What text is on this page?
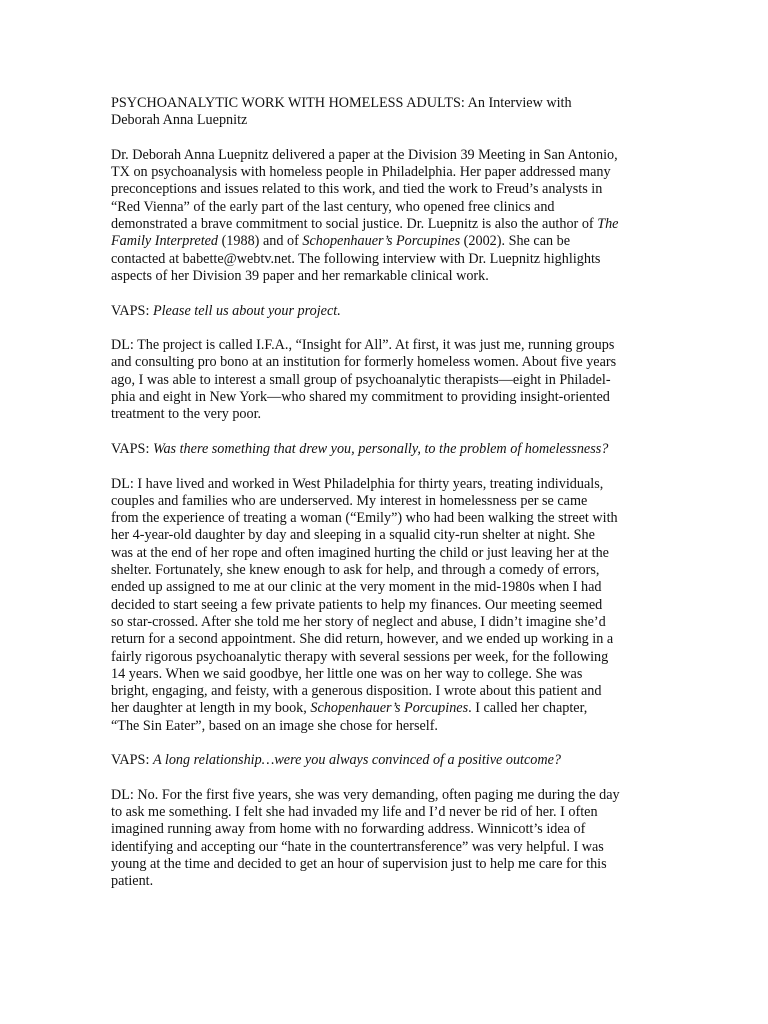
PSYCHOANALYTIC WORK WITH HOMELESS ADULTS: An Interview with
Deborah Anna Luepnitz
Dr. Deborah Anna Luepnitz delivered a paper at the Division 39 Meeting in San Antonio,
TX on psychoanalysis with homeless people in Philadelphia. Her paper addressed many
preconceptions and issues related to this work, and tied the work to Freud’s analysts in
“Red Vienna” of the early part of the last century, who opened free clinics and
demonstrated a brave commitment to social justice. Dr. Luepnitz is also the author of The
Family Interpreted (1988) and of Schopenhauer’s Porcupines (2002). She can be
contacted at babette@webtv.net. The following interview with Dr. Luepnitz highlights
aspects of her Division 39 paper and her remarkable clinical work.
VAPS: Please tell us about your project.
DL: The project is called I.F.A., “Insight for All”. At first, it was just me, running groups
and consulting pro bono at an institution for formerly homeless women. About five years
ago, I was able to interest a small group of psychoanalytic therapists—eight in Philadel-
phia and eight in New York—who shared my commitment to providing insight-oriented
treatment to the very poor.
VAPS: Was there something that drew you, personally, to the problem of homelessness?
DL: I have lived and worked in West Philadelphia for thirty years, treating individuals,
couples and families who are underserved. My interest in homelessness per se came
from the experience of treating a woman (“Emily”) who had been walking the street with
her 4-year-old daughter by day and sleeping in a squalid city-run shelter at night. She
was at the end of her rope and often imagined hurting the child or just leaving her at the
shelter. Fortunately, she knew enough to ask for help, and through a comedy of errors,
ended up assigned to me at our clinic at the very moment in the mid-1980s when I had
decided to start seeing a few private patients to help my finances. Our meeting seemed
so star-crossed. After she told me her story of neglect and abuse, I didn’t imagine she’d
return for a second appointment. She did return, however, and we ended up working in a
fairly rigorous psychoanalytic therapy with several sessions per week, for the following
14 years. When we said goodbye, her little one was on her way to college. She was
bright, engaging, and feisty, with a generous disposition. I wrote about this patient and
her daughter at length in my book, Schopenhauer’s Porcupines. I called her chapter,
“The Sin Eater”, based on an image she chose for herself.
VAPS: A long relationship…were you always convinced of a positive outcome?
DL: No. For the first five years, she was very demanding, often paging me during the day
to ask me something. I felt she had invaded my life and I’d never be rid of her. I often
imagined running away from home with no forwarding address. Winnicott’s idea of
identifying and accepting our “hate in the countertransference” was very helpful. I was
young at the time and decided to get an hour of supervision just to help me care for this
patient.
